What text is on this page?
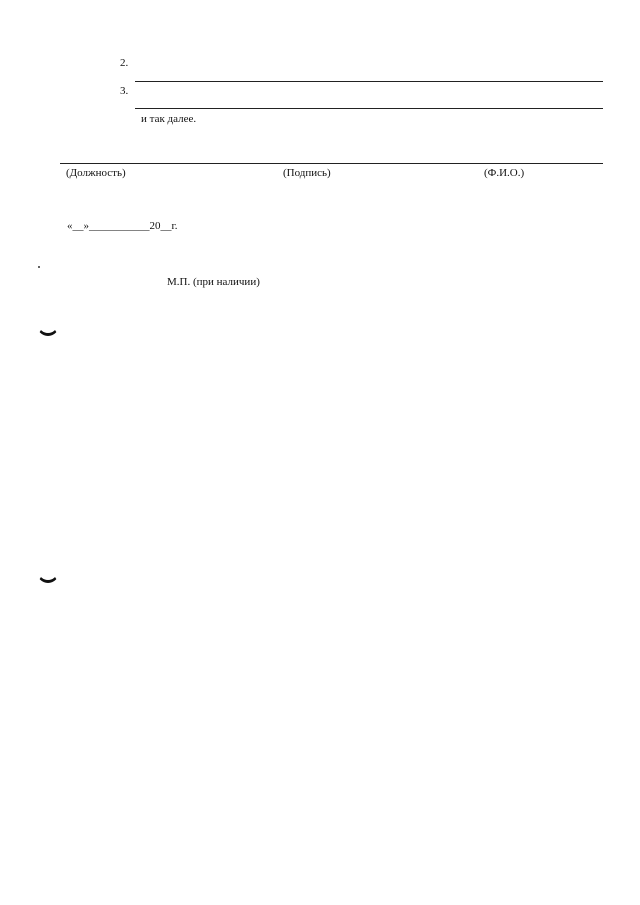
2.
3.
и так далее.
(Должность)	(Подпись)	(Ф.И.О.)
«__»___________20__г.
М.П. (при наличии)
